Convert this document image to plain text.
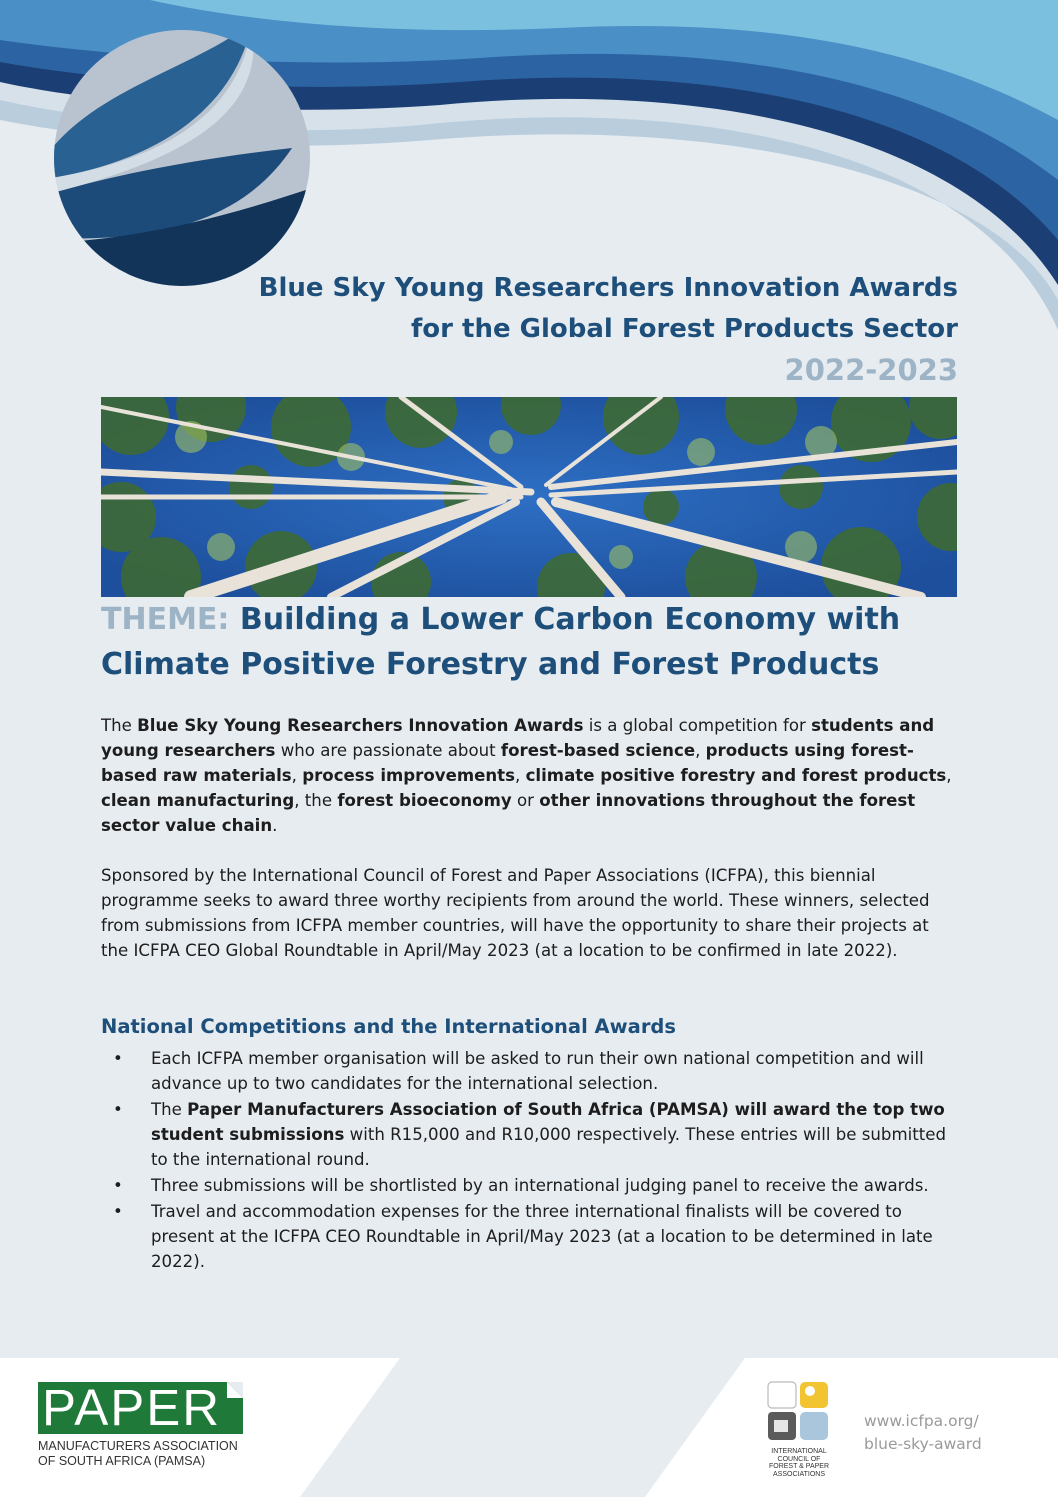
Blue Sky Young Researchers Innovation Awards
for the Global Forest Products Sector
2022-2023
THEME: Building a Lower Carbon Economy with
Climate Positive Forestry and Forest Products
The Blue Sky Young Researchers Innovation Awards is a global competition for students and young researchers who are passionate about forest-based science, products using forest-based raw materials, process improvements, climate positive forestry and forest products, clean manufacturing, the forest bioeconomy or other innovations throughout the forest sector value chain.
Sponsored by the International Council of Forest and Paper Associations (ICFPA), this biennial programme seeks to award three worthy recipients from around the world. These winners, selected from submissions from ICFPA member countries, will have the opportunity to share their projects at the ICFPA CEO Global Roundtable in April/May 2023 (at a location to be confirmed in late 2022).
National Competitions and the International Awards
• Each ICFPA member organisation will be asked to run their own national competition and will advance up to two candidates for the international selection.
• The Paper Manufacturers Association of South Africa (PAMSA) will award the top two student submissions with R15,000 and R10,000 respectively. These entries will be submitted to the international round.
• Three submissions will be shortlisted by an international judging panel to receive the awards.
• Travel and accommodation expenses for the three international finalists will be covered to present at the ICFPA CEO Roundtable in April/May 2023 (at a location to be determined in late 2022).
PAPER
MANUFACTURERS ASSOCIATION
OF SOUTH AFRICA (PAMSA)
INTERNATIONAL
COUNCIL OF
FOREST & PAPER
ASSOCIATIONS
www.icfpa.org/
blue-sky-award
